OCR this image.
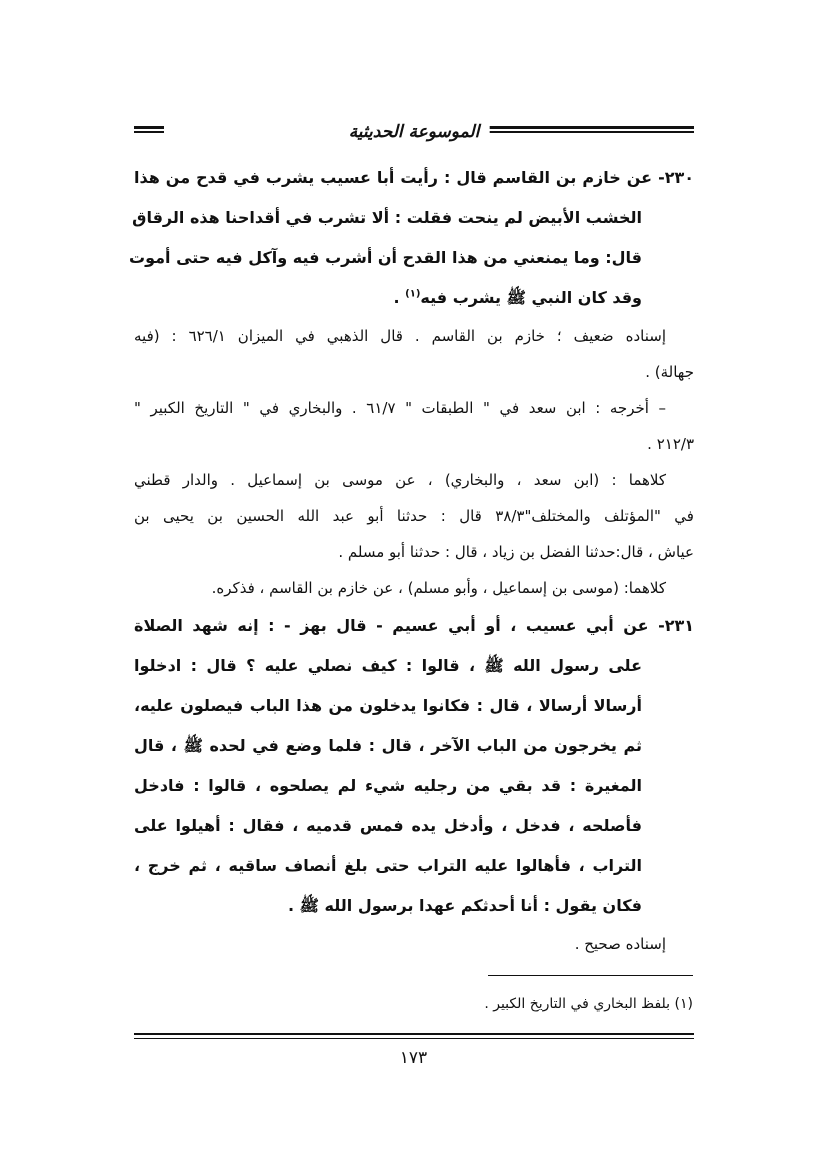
الموسوعة الحديثية
٢٣٠- عن خازم بن القاسم قال : رأيت أبا عسيب يشرب في قدح من هذا
الخشب الأبيض لم ينحت فقلت : ألا تشرب في أقداحنا هذه الرقاق
قال: وما يمنعني من هذا القدح أن أشرب فيه وآكل فيه حتى أموت
وقد كان النبي ﷺ يشرب فيه$^{(١)}$ .
إسناده ضعيف ؛ خازم بن القاسم . قال الذهبي في الميزان ٦٢٦/١ : (فيه
جهالة) .
– أخرجه : ابن سعد في " الطبقات " ٦١/٧ . والبخاري في " التاريخ الكبير "
٢١٢/٣ .
كلاهما : (ابن سعد ، والبخاري) ، عن موسى بن إسماعيل . والدار قطني
في "المؤتلف والمختلف"٣٨/٣ قال : حدثنا أبو عبد الله الحسين بن يحيى بن
عياش ، قال:حدثنا الفضل بن زياد ، قال : حدثنا أبو مسلم .
كلاهما: (موسى بن إسماعيل ، وأبو مسلم) ، عن خازم بن القاسم ، فذكره.
٢٣١- عن أبي عسيب ، أو أبي عسيم - قال بهز - : إنه شهد الصلاة
على رسول الله ﷺ ، قالوا : كيف نصلي عليه ؟ قال : ادخلوا
أرسالا أرسالا ، قال : فكانوا يدخلون من هذا الباب فيصلون عليه،
ثم يخرجون من الباب الآخر ، قال : فلما وضع في لحده ﷺ ، قال
المغيرة : قد بقي من رجليه شيء لم يصلحوه ، قالوا : فادخل
فأصلحه ، فدخل ، وأدخل يده فمس قدميه ، فقال : أهيلوا على
التراب ، فأهالوا عليه التراب حتى بلغ أنصاف ساقيه ، ثم خرج ،
فكان يقول : أنا أحدثكم عهدا برسول الله ﷺ .
إسناده صحيح .
(١) بلفظ البخاري في التاريخ الكبير .
١٧٣
